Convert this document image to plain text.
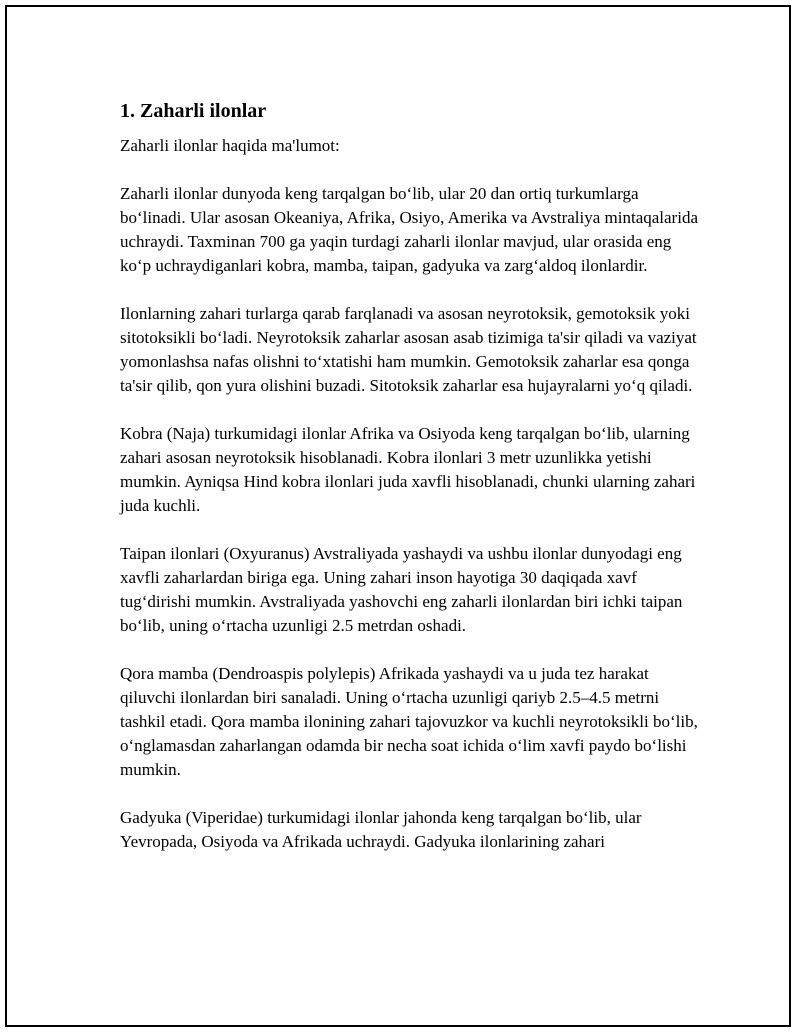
1. Zaharli ilonlar
Zaharli ilonlar haqida ma'lumot:
Zaharli ilonlar dunyoda keng tarqalgan bo‘lib, ular 20 dan ortiq turkumlarga bo‘linadi. Ular asosan Okeaniya, Afrika, Osiyo, Amerika va Avstraliya mintaqalarida uchraydi. Taxminan 700 ga yaqin turdagi zaharli ilonlar mavjud, ular orasida eng ko‘p uchraydiganlari kobra, mamba, taipan, gadyuka va zarg‘aldoq ilonlardir.
Ilonlarning zahari turlarga qarab farqlanadi va asosan neyrotoksik, gemotoksik yoki sitotoksikli bo‘ladi. Neyrotoksik zaharlar asosan asab tizimiga ta'sir qiladi va vaziyat yomonlashsa nafas olishni to‘xtatishi ham mumkin. Gemotoksik zaharlar esa qonga ta'sir qilib, qon yura olishini buzadi. Sitotoksik zaharlar esa hujayralarni yo‘q qiladi.
Kobra (Naja) turkumidagi ilonlar Afrika va Osiyoda keng tarqalgan bo‘lib, ularning zahari asosan neyrotoksik hisoblanadi. Kobra ilonlari 3 metr uzunlikka yetishi mumkin. Ayniqsa Hind kobra ilonlari juda xavfli hisoblanadi, chunki ularning zahari juda kuchli.
Taipan ilonlari (Oxyuranus) Avstraliyada yashaydi va ushbu ilonlar dunyodagi eng xavfli zaharlardan biriga ega. Uning zahari inson hayotiga 30 daqiqada xavf tug‘dirishi mumkin. Avstraliyada yashovchi eng zaharli ilonlardan biri ichki taipan bo‘lib, uning o‘rtacha uzunligi 2.5 metrdan oshadi.
Qora mamba (Dendroaspis polylepis) Afrikada yashaydi va u juda tez harakat qiluvchi ilonlardan biri sanaladi. Uning o‘rtacha uzunligi qariyb 2.5–4.5 metrni tashkil etadi. Qora mamba ilonining zahari tajovuzkor va kuchli neyrotoksikli bo‘lib, o‘nglamasdan zaharlangan odamda bir necha soat ichida o‘lim xavfi paydo bo‘lishi mumkin.
Gadyuka (Viperidae) turkumidagi ilonlar jahonda keng tarqalgan bo‘lib, ular Yevropada, Osiyoda va Afrikada uchraydi. Gadyuka ilonlarining zahari
